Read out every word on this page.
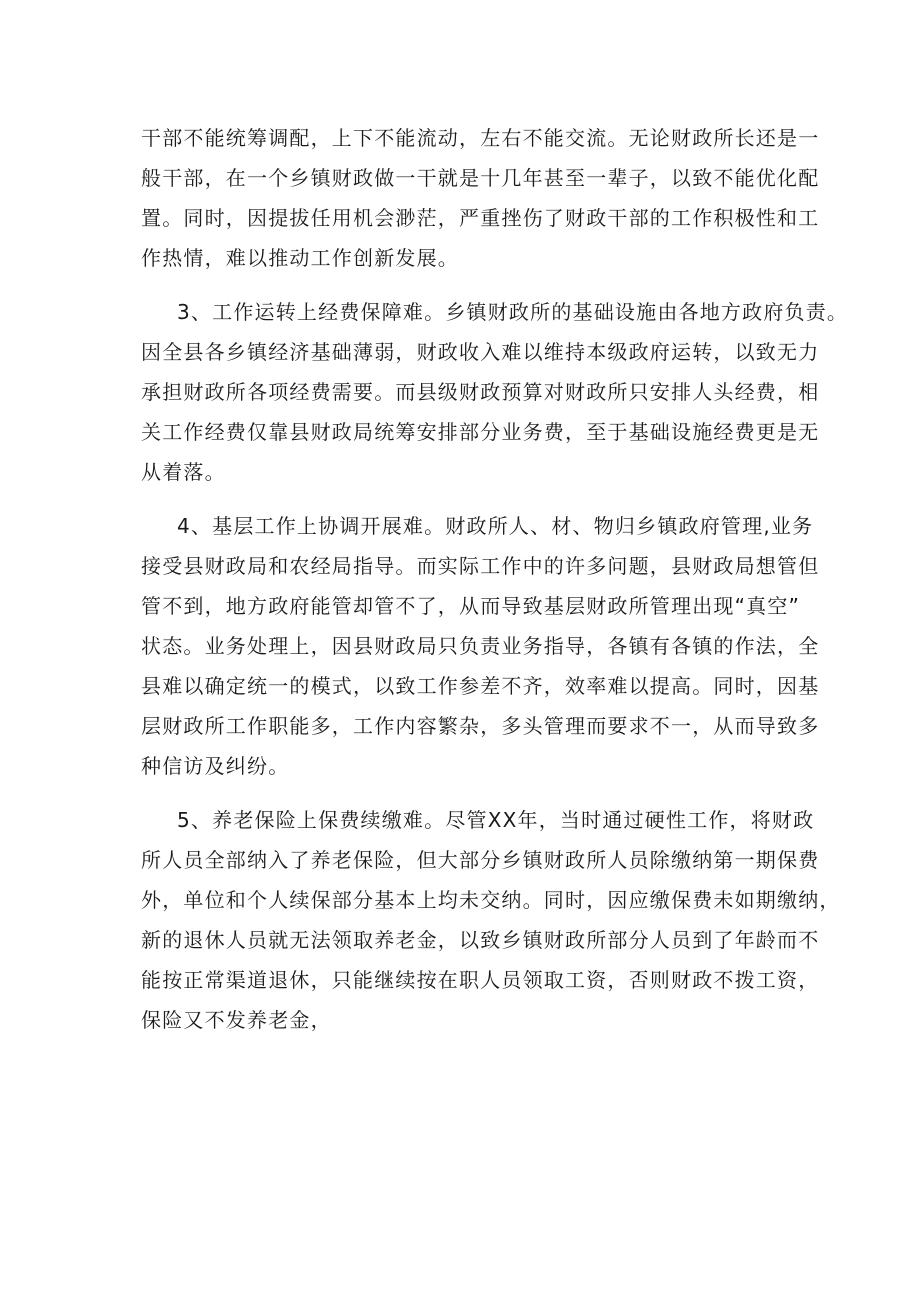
干部不能统筹调配，上下不能流动，左右不能交流。无论财政所长还是一

般干部，在一个乡镇财政做一干就是十几年甚至一辈子，以致不能优化配

置。同时，因提拔任用机会渺茫，严重挫伤了财政干部的工作积极性和工

作热情，难以推动工作创新发展。

3、工作运转上经费保障难。乡镇财政所的基础设施由各地方政府负责。

因全县各乡镇经济基础薄弱，财政收入难以维持本级政府运转，以致无力

承担财政所各项经费需要。而县级财政预算对财政所只安排人头经费，相

关工作经费仅靠县财政局统筹安排部分业务费，至于基础设施经费更是无

从着落。

4、基层工作上协调开展难。财政所人、材、物归乡镇政府管理,业务

接受县财政局和农经局指导。而实际工作中的许多问题，县财政局想管但

管不到，地方政府能管却管不了，从而导致基层财政所管理出现“真空”

状态。业务处理上，因县财政局只负责业务指导，各镇有各镇的作法，全

县难以确定统一的模式，以致工作参差不齐，效率难以提高。同时，因基

层财政所工作职能多，工作内容繁杂，多头管理而要求不一，从而导致多

种信访及纠纷。

5、养老保险上保费续缴难。尽管XX年，当时通过硬性工作，将财政

所人员全部纳入了养老保险，但大部分乡镇财政所人员除缴纳第一期保费

外，单位和个人续保部分基本上均未交纳。同时，因应缴保费未如期缴纳，

新的退休人员就无法领取养老金，以致乡镇财政所部分人员到了年龄而不

能按正常渠道退休，只能继续按在职人员领取工资，否则财政不拨工资，

保险又不发养老金，
